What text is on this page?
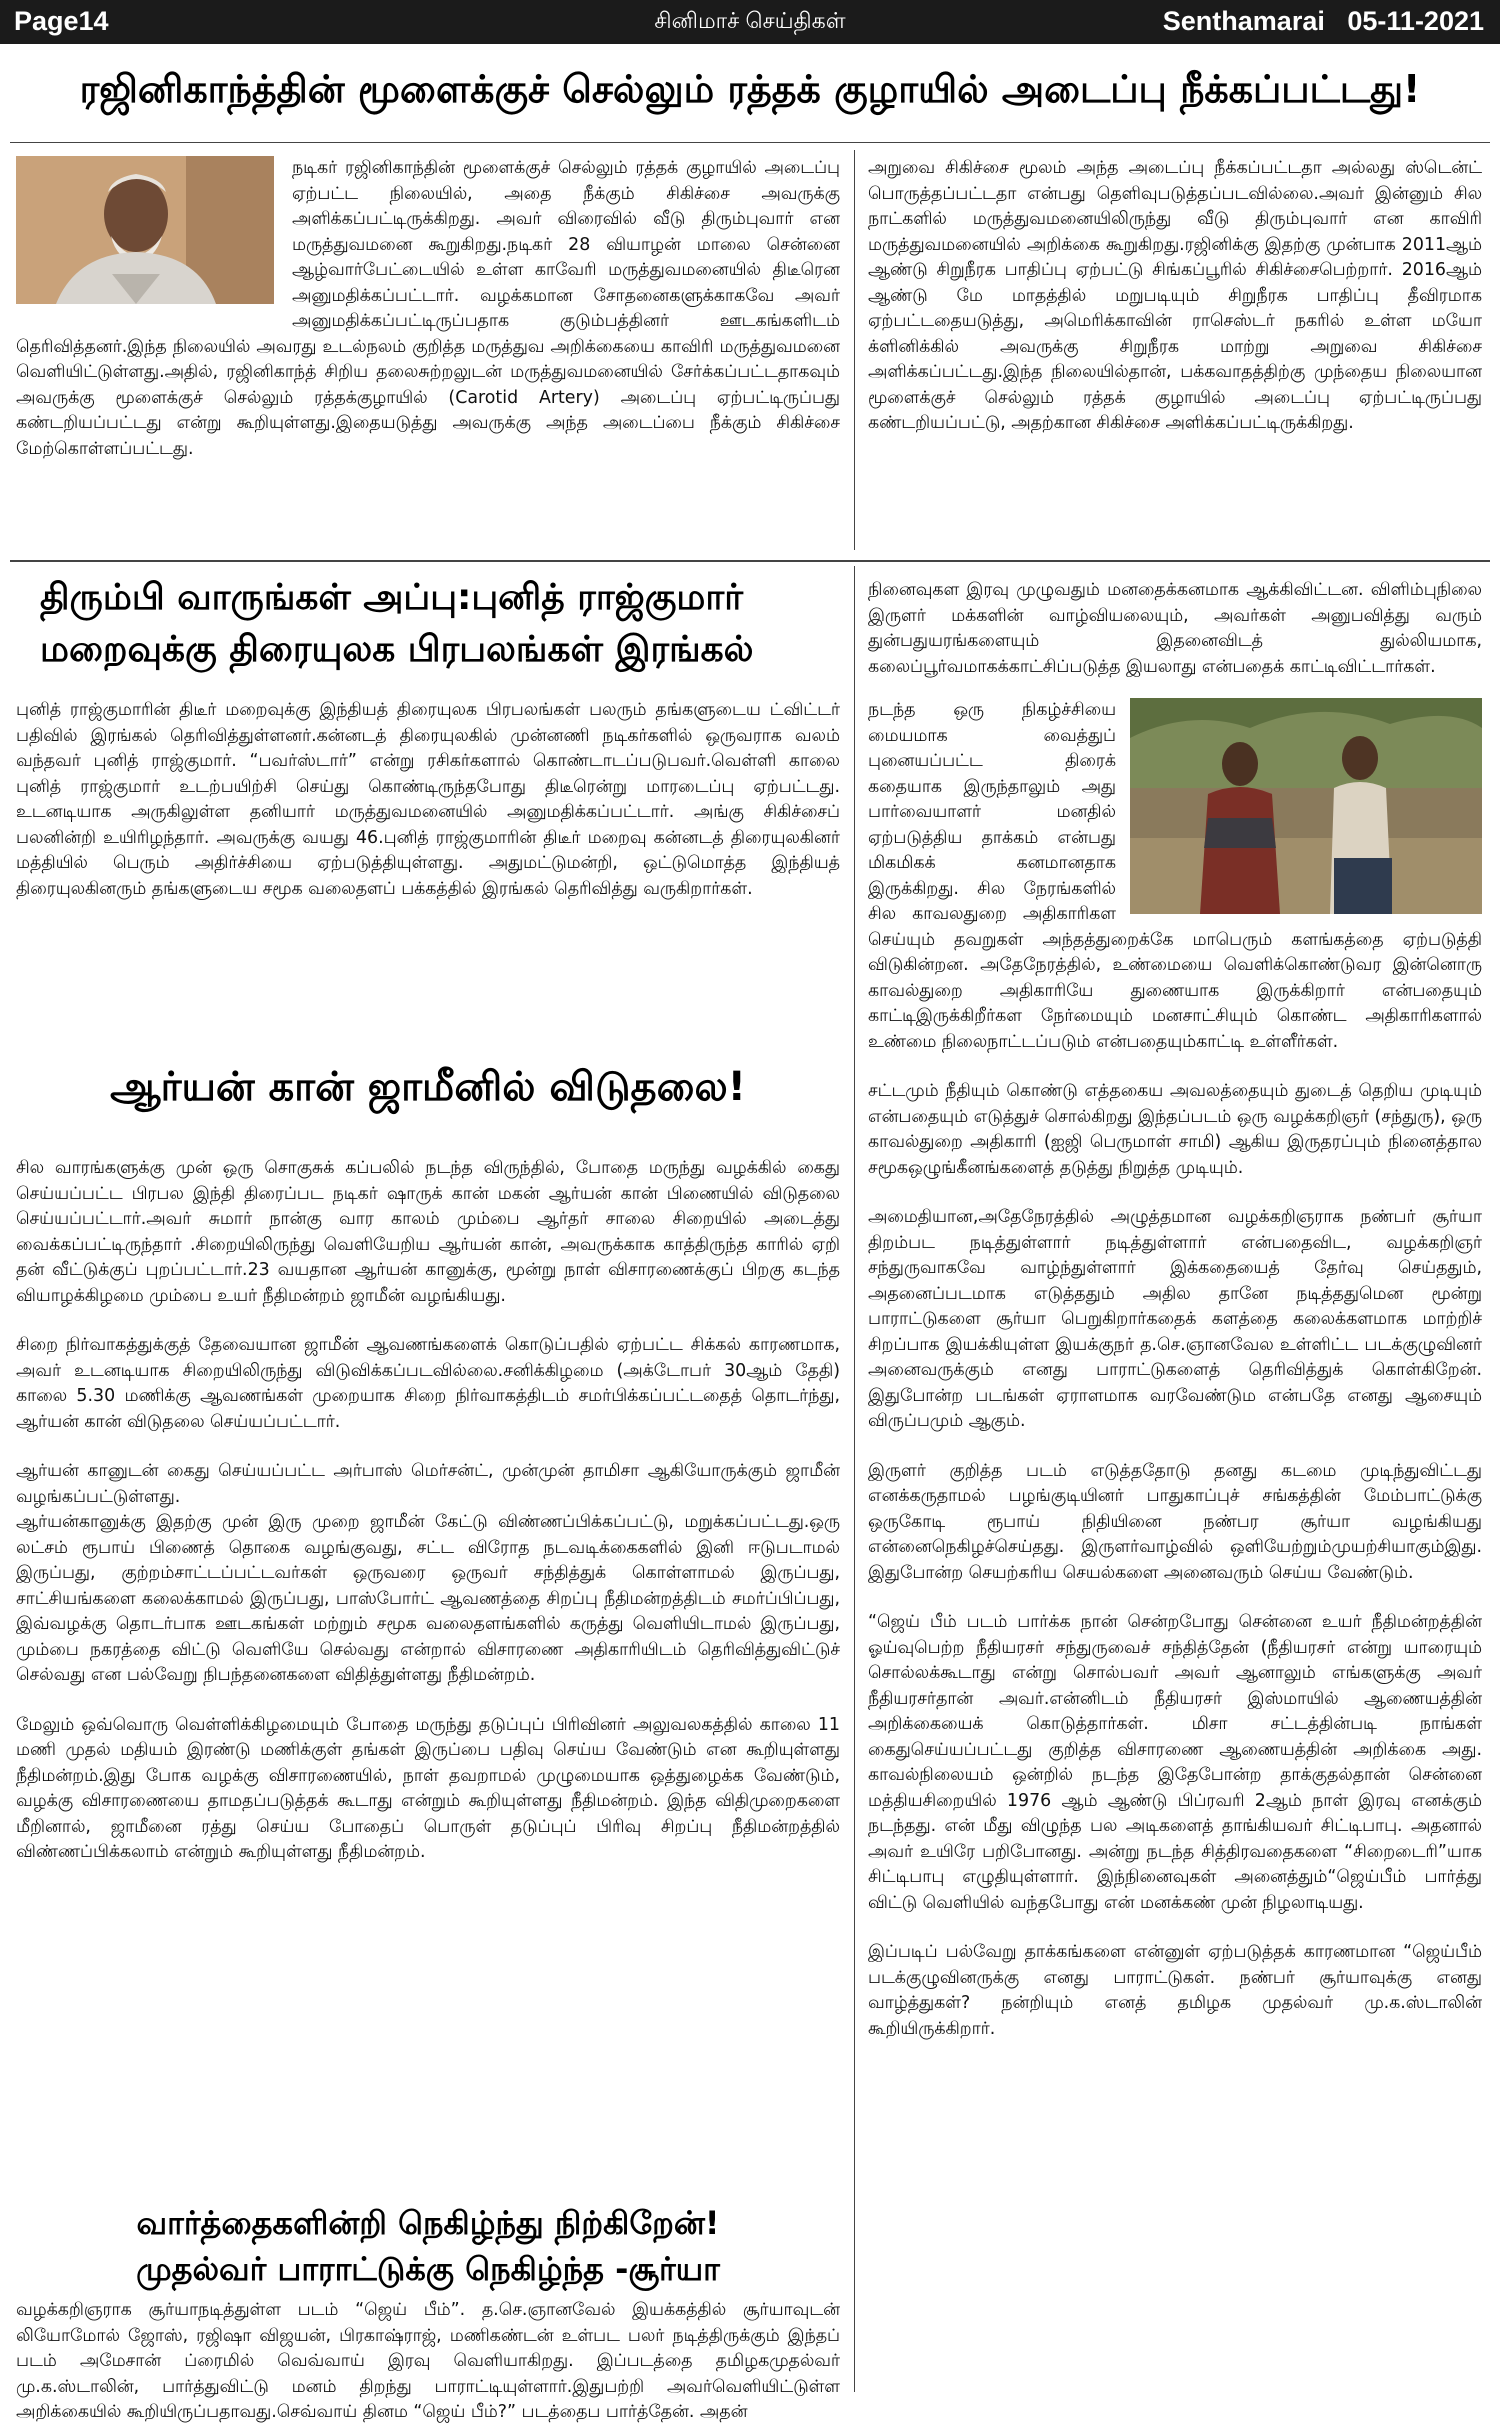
Page14	சினிமாச் செய்திகள்	Senthamarai 05-11-2021
ரஜினிகாந்த்தின் மூளைக்குச் செல்லும் ரத்தக் குழாயில் அடைப்பு நீக்கப்பட்டது!

நடிகர் ரஜினிகாந்தின் மூளைக்குச் செல்லும் ரத்தக் குழாயில் அடைப்பு ஏற்பட்ட நிலையில், அதை நீக்கும் சிகிச்சை அவருக்கு அளிக்கப்பட்டிருக்கிறது. அவர் விரைவில் வீடு திரும்புவார் என மருத்துவமனை கூறுகிறது.நடிகர் 28 வியாழன் மாலை சென்னை ஆழ்வார்பேட்டையில் உள்ள காவேரி மருத்துவமனையில் திடீரென அனுமதிக்கப்பட்டார். வழக்கமான சோதனைகளுக்காகவே அவர் அனுமதிக்கப்பட்டிருப்பதாக குடும்பத்தினர் ஊடகங்களிடம் தெரிவித்தனர்.இந்த நிலையில் அவரது உடல்நலம் குறித்த மருத்துவ அறிக்கையை காவிரி மருத்துவமனை வெளியிட்டுள்ளது.அதில், ரஜினிகாந்த் சிறிய தலைசுற்றலுடன் மருத்துவமனையில் சேர்க்கப்பட்டதாகவும் அவருக்கு மூளைக்குச் செல்லும் ரத்தக்குழாயில் (Carotid Artery) அடைப்பு ஏற்பட்டிருப்பது கண்டறியப்பட்டது என்று கூறியுள்ளது.இதையடுத்து அவருக்கு அந்த அடைப்பை நீக்கும் சிகிச்சை மேற்கொள்ளப்பட்டது.

அறுவை சிகிச்சை மூலம் அந்த அடைப்பு நீக்கப்பட்டதா அல்லது ஸ்டென்ட் பொருத்தப்பட்டதா என்பது தெளிவுபடுத்தப்படவில்லை.அவர் இன்னும் சில நாட்களில் மருத்துவமனையிலிருந்து வீடு திரும்புவார் என காவிரி மருத்துவமனையில் அறிக்கை கூறுகிறது.ரஜினிக்கு இதற்கு முன்பாக 2011ஆம் ஆண்டு சிறுநீரக பாதிப்பு ஏற்பட்டு சிங்கப்பூரில் சிகிச்சைபெற்றார். 2016ஆம் ஆண்டு மே மாதத்தில் மறுபடியும் சிறுநீரக பாதிப்பு தீவிரமாக ஏற்பட்டதையடுத்து, அமெரிக்காவின் ராசெஸ்டர் நகரில் உள்ள மயோ க்ளினிக்கில் அவருக்கு சிறுநீரக மாற்று அறுவை சிகிச்சை அளிக்கப்பட்டது.இந்த நிலையில்தான், பக்கவாதத்திற்கு முந்தைய நிலையான மூளைக்குச் செல்லும் ரத்தக் குழாயில் அடைப்பு ஏற்பட்டிருப்பது கண்டறியப்பட்டு, அதற்கான சிகிச்சை அளிக்கப்பட்டிருக்கிறது.

திரும்பி வாருங்கள் அப்பு:புனித் ராஜ்குமார்
மறைவுக்கு திரையுலக பிரபலங்கள் இரங்கல்

புனித் ராஜ்குமாரின் திடீர் மறைவுக்கு இந்தியத் திரையுலக பிரபலங்கள் பலரும் தங்களுடைய ட்விட்டர் பதிவில் இரங்கல் தெரிவித்துள்ளனர்.கன்னடத் திரையுலகில் முன்னணி நடிகர்களில் ஒருவராக வலம் வந்தவர் புனித் ராஜ்குமார். “பவர்ஸ்டார்” என்று ரசிகர்களால் கொண்டாடப்படுபவர்.வெள்ளி காலை புனித் ராஜ்குமார் உடற்பயிற்சி செய்து கொண்டிருந்தபோது திடீரென்று மாரடைப்பு ஏற்பட்டது. உடனடியாக அருகிலுள்ள தனியார் மருத்துவமனையில் அனுமதிக்கப்பட்டார். அங்கு சிகிச்சைப் பலனின்றி உயிரிழந்தார். அவருக்கு வயது 46.புனித் ராஜ்குமாரின் திடீர் மறைவு கன்னடத் திரையுலகினர் மத்தியில் பெரும் அதிர்ச்சியை ஏற்படுத்தியுள்ளது. அதுமட்டுமன்றி, ஒட்டுமொத்த இந்தியத் திரையுலகினரும் தங்களுடைய சமூக வலைதளப் பக்கத்தில் இரங்கல் தெரிவித்து வருகிறார்கள்.

ஆர்யன் கான் ஜாமீனில் விடுதலை!

சில வாரங்களுக்கு முன் ஒரு சொகுசுக் கப்பலில் நடந்த விருந்தில், போதை மருந்து வழக்கில் கைது செய்யப்பட்ட பிரபல இந்தி திரைப்பட நடிகர் ஷாருக் கான் மகன் ஆர்யன் கான் பிணையில் விடுதலை செய்யப்பட்டார்.அவர் சுமார் நான்கு வார காலம் மும்பை ஆர்தர் சாலை சிறையில் அடைத்து வைக்கப்பட்டிருந்தார் .சிறையிலிருந்து வெளியேறிய ஆர்யன் கான், அவருக்காக காத்திருந்த காரில் ஏறி தன் வீட்டுக்குப் புறப்பட்டார்.23 வயதான ஆர்யன் கானுக்கு, மூன்று நாள் விசாரணைக்குப் பிறகு கடந்த வியாழக்கிழமை மும்பை உயர் நீதிமன்றம் ஜாமீன் வழங்கியது.

சிறை நிர்வாகத்துக்குத் தேவையான ஜாமீன் ஆவணங்களைக் கொடுப்பதில் ஏற்பட்ட சிக்கல் காரணமாக, அவர் உடனடியாக சிறையிலிருந்து விடுவிக்கப்படவில்லை.சனிக்கிழமை (அக்டோபர் 30ஆம் தேதி) காலை 5.30 மணிக்கு ஆவணங்கள் முறையாக சிறை நிர்வாகத்திடம் சமர்பிக்கப்பட்டதைத் தொடர்ந்து, ஆர்யன் கான் விடுதலை செய்யப்பட்டார்.

ஆர்யன் கானுடன் கைது செய்யப்பட்ட அர்பாஸ் மெர்சன்ட், முன்முன் தாமிசா ஆகியோருக்கும் ஜாமீன் வழங்கப்பட்டுள்ளது.

ஆர்யன்கானுக்கு இதற்கு முன் இரு முறை ஜாமீன் கேட்டு விண்ணப்பிக்கப்பட்டு, மறுக்கப்பட்டது.ஒரு லட்சம் ரூபாய் பிணைத் தொகை வழங்குவது, சட்ட விரோத நடவடிக்கைகளில் இனி ஈடுபடாமல் இருப்பது, குற்றம்சாட்டப்பட்டவர்கள் ஒருவரை ஒருவர் சந்தித்துக் கொள்ளாமல் இருப்பது, சாட்சியங்களை கலைக்காமல் இருப்பது, பாஸ்போர்ட் ஆவணத்தை சிறப்பு நீதிமன்றத்திடம் சமர்ப்பிப்பது, இவ்வழக்கு தொடர்பாக ஊடகங்கள் மற்றும் சமூக வலைதளங்களில் கருத்து வெளியிடாமல் இருப்பது, மும்பை நகரத்தை விட்டு வெளியே செல்வது என்றால் விசாரணை அதிகாரியிடம் தெரிவித்துவிட்டுச் செல்வது என பல்வேறு நிபந்தனைகளை விதித்துள்ளது நீதிமன்றம்.

மேலும் ஒவ்வொரு வெள்ளிக்கிழமையும் போதை மருந்து தடுப்புப் பிரிவினர் அலுவலகத்தில் காலை 11 மணி முதல் மதியம் இரண்டு மணிக்குள் தங்கள் இருப்பை பதிவு செய்ய வேண்டும் என கூறியுள்ளது நீதிமன்றம்.இது போக வழக்கு விசாரணையில், நாள் தவறாமல் முழுமையாக ஒத்துழைக்க வேண்டும், வழக்கு விசாரணையை தாமதப்படுத்தக் கூடாது என்றும் கூறியுள்ளது நீதிமன்றம். இந்த விதிமுறைகளை மீறினால், ஜாமீனை ரத்து செய்ய போதைப் பொருள் தடுப்புப் பிரிவு சிறப்பு நீதிமன்றத்தில் விண்ணப்பிக்கலாம் என்றும் கூறியுள்ளது நீதிமன்றம்.

வார்த்தைகளின்றி நெகிழ்ந்து நிற்கிறேன்!
முதல்வர் பாராட்டுக்கு நெகிழ்ந்த -சூர்யா

வழக்கறிஞராக சூர்யாநடித்துள்ள படம் “ஜெய் பீம்”. த.செ.ஞானவேல் இயக்கத்தில் சூர்யாவுடன் லியோமோல் ஜோஸ், ரஜிஷா விஜயன், பிரகாஷ்ராஜ், மணிகண்டன் உள்பட பலர் நடித்திருக்கும் இந்தப் படம் அமேசான் ப்ரைமில் வெவ்வாய் இரவு வெளியாகிறது. இப்படத்தை தமிழகமுதல்வர் மு.க.ஸ்டாலின், பார்த்துவிட்டு மனம் திறந்து பாராட்டியுள்ளார்.இதுபற்றி அவர்வெளியிட்டுள்ள அறிக்கையில் கூறியிருப்பதாவது.செவ்வாய் தினம “ஜெய் பீம்?” படத்தைப பார்த்தேன். அதன்

நினைவுகள இரவு முழுவதும் மனதைக்கனமாக ஆக்கிவிட்டன. விளிம்புநிலை இருளர் மக்களின் வாழ்வியலையும், அவர்கள் அனுபவித்து வரும் துன்பதுயரங்களையும் இதனைவிடத் துல்லியமாக, கலைப்பூர்வமாகக்காட்சிப்படுத்த இயலாது என்பதைக் காட்டிவிட்டார்கள்.

நடந்த ஒரு நிகழ்ச்சியை மையமாக வைத்துப் புனையப்பட்ட திரைக் கதையாக இருந்தாலும் அது பார்வையாளர் மனதில் ஏற்படுத்திய தாக்கம் என்பது மிகமிகக் கனமானதாக இருக்கிறது. சில நேரங்களில் சில காவலதுறை அதிகாரிகள செய்யும் தவறுகள் அந்தத்துறைக்கே மாபெரும் களங்கத்தை ஏற்படுத்தி விடுகின்றன. அதேநேரத்தில், உண்மையை வெளிக்கொண்டுவர இன்னொரு காவல்துறை அதிகாரியே துணையாக இருக்கிறார் என்பதையும் காட்டிஇருக்கிறீர்கள நேர்மையும் மனசாட்சியும் கொண்ட அதிகாரிகளால் உண்மை நிலைநாட்டப்படும் என்பதையும்காட்டி உள்ளீர்கள்.

சட்டமும் நீதியும் கொண்டு எத்தகைய அவலத்தையும் துடைத் தெறிய முடியும் என்பதையும் எடுத்துச் சொல்கிறது இந்தப்படம் ஒரு வழக்கறிஞர் (சந்துரு), ஒரு காவல்துறை அதிகாரி (ஐஜி பெருமாள் சாமி) ஆகிய இருதரப்பும் நினைத்தால சமூகஒழுங்கீனங்களைத் தடுத்து நிறுத்த முடியும்.

அமைதியான,அதேநேரத்தில் அழுத்தமான வழக்கறிஞராக நண்பர் சூர்யா திறம்பட நடித்துள்ளார் நடித்துள்ளார் என்பதைவிட, வழக்கறிஞர் சந்துருவாகவே வாழ்ந்துள்ளார் இக்கதையைத் தேர்வு செய்ததும், அதனைப்படமாக எடுத்ததும் அதில தானே நடித்ததுமென மூன்று பாராட்டுகளை சூர்யா பெறுகிறார்கதைக் களத்தை கலைக்களமாக மாற்றிச் சிறப்பாக இயக்கியுள்ள இயக்குநர் த.செ.ஞானவேல உள்ளிட்ட படக்குழுவினர் அனைவருக்கும் எனது பாராட்டுகளைத் தெரிவித்துக் கொள்கிறேன். இதுபோன்ற படங்கள் ஏராளமாக வரவேண்டும என்பதே எனது ஆசையும் விருப்பமும் ஆகும்.

இருளர் குறித்த படம் எடுத்ததோடு தனது கடமை முடிந்துவிட்டது எனக்கருதாமல் பழங்குடியினர் பாதுகாப்புச் சங்கத்தின் மேம்பாட்டுக்கு ஒருகோடி ரூபாய் நிதியினை நண்பர சூர்யா வழங்கியது என்னைநெகிழச்செய்தது. இருளர்வாழ்வில் ஒளியேற்றும்முயற்சியாகும்இது. இதுபோன்ற செயற்கரிய செயல்களை அனைவரும் செய்ய வேண்டும்.

“ஜெய் பீம் படம் பார்க்க நான் சென்றபோது சென்னை உயர் நீதிமன்றத்தின் ஓய்வுபெற்ற நீதியரசர் சந்துருவைச் சந்தித்தேன் (நீதியரசர் என்று யாரையும் சொல்லக்கூடாது என்று சொல்பவர் அவர் ஆனாலும் எங்களுக்கு அவர் நீதியரசர்தான் அவர்.என்னிடம் நீதியரசர் இஸ்மாயில் ஆணையத்தின் அறிக்கையைக் கொடுத்தார்கள். மிசா சட்டத்தின்படி நாங்கள் கைதுசெய்யப்பட்டது குறித்த விசாரணை ஆணையத்தின் அறிக்கை அது. காவல்நிலையம் ஒன்றில் நடந்த இதேபோன்ற தாக்குதல்தான் சென்னை மத்தியசிறையில் 1976 ஆம் ஆண்டு பிப்ரவரி 2ஆம் நாள் இரவு எனக்கும் நடந்தது. என் மீது விழுந்த பல அடிகளைத் தாங்கியவர் சிட்டிபாபு. அதனால் அவர் உயிரே பறிபோனது. அன்று நடந்த சித்திரவதைகளை “சிறைடைரி”யாக சிட்டிபாபு எழுதியுள்ளார். இந்நினைவுகள் அனைத்தும்“ஜெய்பீம் பார்த்து விட்டு வெளியில் வந்தபோது என் மனக்கண் முன் நிழலாடியது.

இப்படிப் பல்வேறு தாக்கங்களை என்னுள் ஏற்படுத்தக் காரணமான “ஜெய்பீம் படக்குழுவினருக்கு எனது பாராட்டுகள். நண்பர் சூர்யாவுக்கு எனது வாழ்த்துகள்? நன்றியும் எனத் தமிழக முதல்வர் மு.க.ஸ்டாலின் கூறியிருக்கிறார்.
